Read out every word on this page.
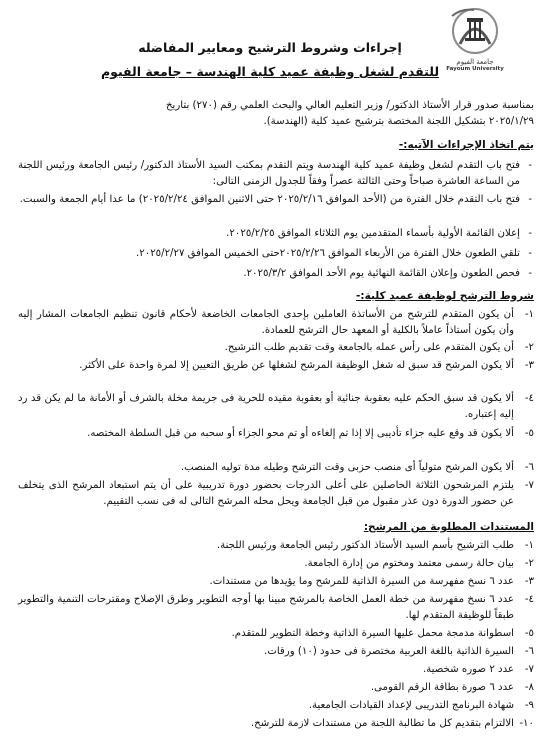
جامعة الفيوم
Fayoum University
إجراءات وشروط الترشيح ومعايير المفاضله
للتقدم لشغل وظيفة عميد كلية الهندسة – جامعة الفيوم
بمناسبة صدور قرار الأستاذ الدكتور/ وزير التعليم العالي والبحث العلمي رقم (٢٧٠) بتاريخ
٢٠٢٥/١/٢٩ بتشكيل اللجنة المختصة بترشيح عميد كلية (الهندسة).
يتم اتخاذ الإجراءات الآتيه:-
-
فتح باب التقدم لشغل وظيفة عميد كلية الهندسة ويتم التقدم بمكتب السيد الأستاذ الدكتور/ رئيس الجامعة ورئيس اللجنة من الساعة العاشرة صباحاً وحتى الثالثة عصراً وفقاً للجدول الزمنى التالى:
-
فتح باب التقدم خلال الفترة من (الأحد الموافق ٢٠٢٥/٢/١٦ حتى الاثنين الموافق ٢٠٢٥/٢/٢٤) ما عدا أيام الجمعة والسبت.
-
إعلان القائمة الأولية بأسماء المتقدمين يوم الثلاثاء الموافق ٢٠٢٥/٢/٢٥.
-
تلقي الطعون خلال الفترة من الأربعاء الموافق ٢٠٢٥/٢/٢٦حتى الخميس الموافق ٢٠٢٥/٢/٢٧.
-
فحص الطعون وإعلان القائمة النهائية يوم الأحد الموافق ٢٠٢٥/٣/٢.
شروط الترشح لوظيفة عميد كلية:-
١-
أن يكون المتقدم للترشح من الأساتذة العاملين بإحدى الجامعات الخاضعة لأحكام قانون تنظيم الجامعات المشار إليه وأن يكون أستاذاً عاملاً بالكلية أو المعهد حال الترشح للعمادة.
٢-
أن يكون المتقدم على رأس عمله بالجامعة وقت تقديم طلب الترشيح.
٣-
ألا يكون المرشح قد سبق له شغل الوظيفة المرشح لشغلها عن طريق التعيين إلا لمرة واحدة على الأكثر.
٤-
ألا يكون قد سبق الحكم عليه بعقوبة جنائية أو بعقوبة مقيده للحرية فى جريمة مخلة بالشرف أو الأمانة ما لم يكن قد رد إليه إعتباره.
٥-
ألا يكون قد وقع عليه جزاء تأديبى إلا إذا تم إلغاءه أو تم محو الجزاء أو سحبه من قبل السلطة المختصه.
٦-
ألا يكون المرشح متولياً أى منصب حزبى وقت الترشح وطيله مدة توليه المنصب.
٧-
يلتزم المرشحون الثلاثة الحاصلين على أعلى الدرجات بحضور دورة تدريبية على أن يتم استبعاد المرشح الذى يتخلف عن حضور الدورة دون عذر مقبول من قبل الجامعة ويحل محله المرشح التالى له فى نسب التقييم.
المستندات المطلوبة من المرشح:
١-
طلب الترشيح بأسم السيد الأستاذ الدكتور رئيس الجامعة ورئيس اللجنة.
٢-
بيان حالة رسمى معتمد ومختوم من إدارة الجامعة.
٣-
عدد ٦ نسخ مفهرسة من السيرة الذاتية للمرشح وما يؤيدها من مستندات.
٤-
عدد ٦ نسخ مفهرسة من خطة العمل الخاصة بالمرشح مبينا بها أوجه التطوير وطرق الإصلاح ومقترحات التنمية والتطوير طبقاً للوظيفة المتقدم لها.
٥-
اسطوانة مدمجة محمل عليها السيرة الذاتية وخطة التطوير للمتقدم.
٦-
السيرة الذاتية باللغة العربية مختصرة فى حدود (١٠) ورقات.
٧-
عدد ٢ صوره شخصية.
٨-
عدد ٦ صورة بطاقة الرقم القومى.
٩-
شهادة البرنامج التدريبى لإعداد القيادات الجامعية.
١٠-
الالتزام بتقديم كل ما تطالبة اللجنة من مستندات لازمة للترشح.
